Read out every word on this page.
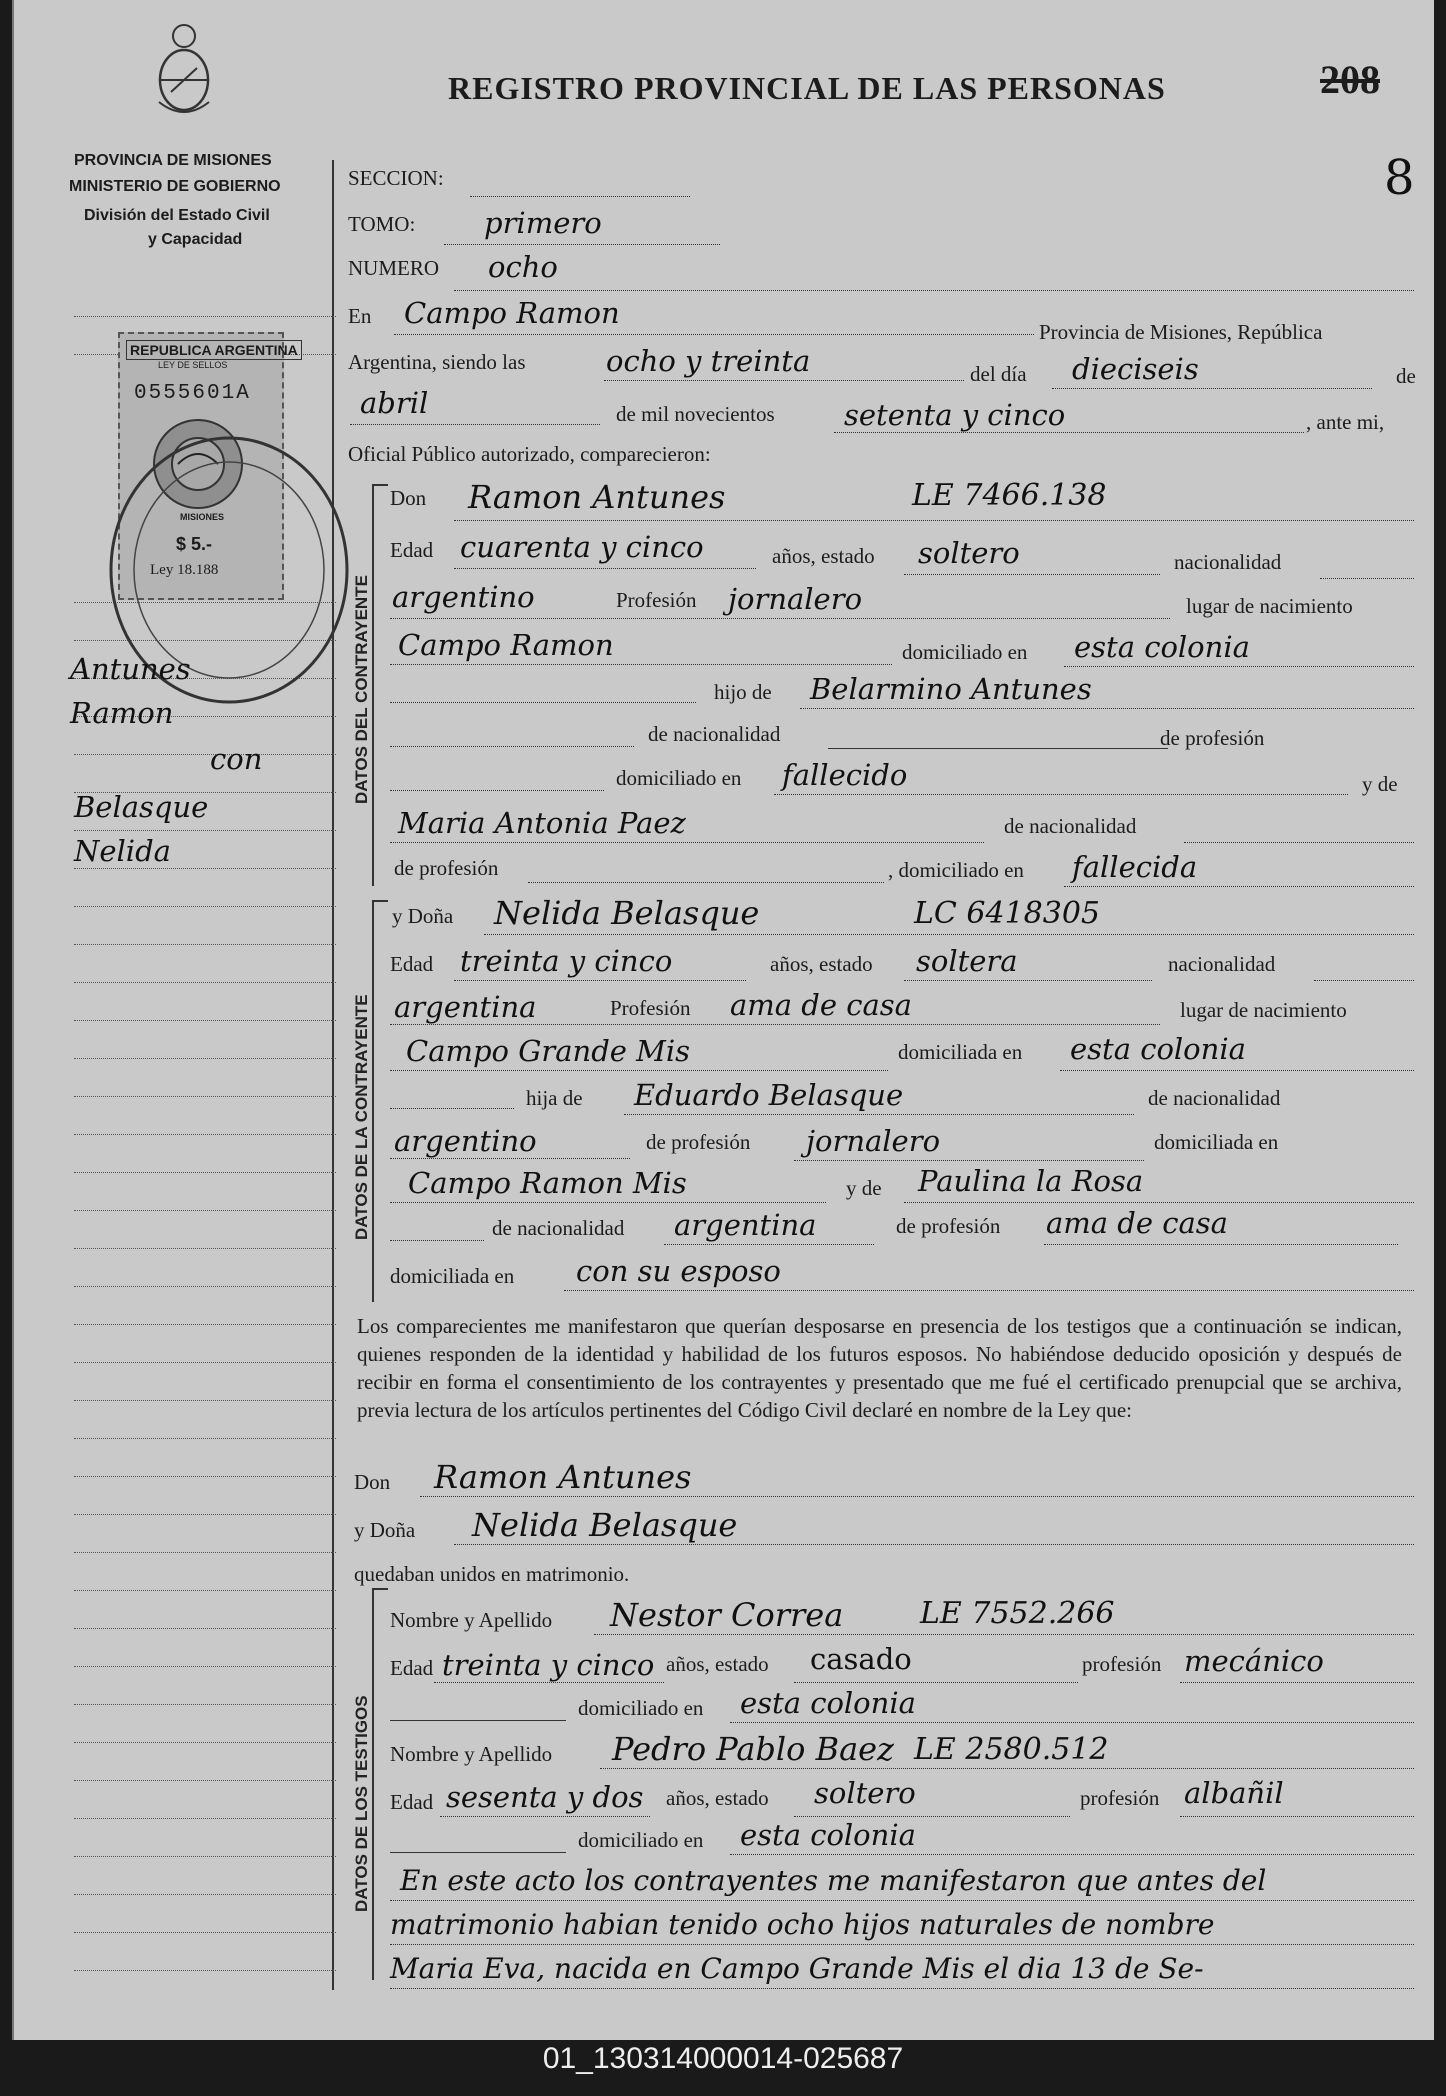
PROVINCIA DE MISIONES
MINISTERIO DE GOBIERNO
División del Estado Civil
y Capacidad
REGISTRO PROVINCIAL DE LAS PERSONAS	208
8
REPUBLICA ARGENTINA
LEY DE SELLOS
0555601A
MISIONES
$ 5.-
Ley 18.188
Antunes
Ramon
con
Belasque
Nelida
SECCION:
TOMO: primero
NUMERO ocho
En Campo Ramon
Provincia de Misiones, República
Argentina, siendo las	ocho y treinta	del día dieciseis	de
abril	de mil novecientos setenta y cinco	, ante mi,
Oficial Público autorizado, comparecieron:
DATOS DEL CONTRAYENTE
DATOS DE LA CONTRAYENTE
DATOS DE LOS TESTIGOS
Don Ramon Antunes	LE 7466.138
Edad cuarenta y cinco	años, estado soltero	nacionalidad
argentino	Profesión jornalero	lugar de nacimiento
Campo Ramon	domiciliado en esta colonia
hijo de Belarmino Antunes
de nacionalidad	de profesión
domiciliado en fallecido	y de
Maria Antonia Paez	de nacionalidad
de profesión	, domiciliado en fallecida
y Doña Nelida Belasque	LC 6418305
Edad treinta y cinco	años, estado soltera	nacionalidad
argentina	Profesión ama de casa	lugar de nacimiento
Campo Grande Mis	domiciliada en esta colonia
hija de Eduardo Belasque	de nacionalidad
argentino	de profesión jornalero	domiciliada en
Campo Ramon Mis	y de Paulina la Rosa
de nacionalidad argentina	de profesión ama de casa
domiciliada en con su esposo
Los comparecientes me manifestaron que querían desposarse en presencia de los testigos que a continuación se indican, quienes responden de la identidad y habilidad de los futuros esposos. No habiéndose deducido oposición y después de recibir en forma el consentimiento de los contrayentes y presentado que me fué el certificado prenupcial que se archiva, previa lectura de los artículos pertinentes del Código Civil declaré en nombre de la Ley que:
Don Ramon Antunes
y Doña Nelida Belasque
quedaban unidos en matrimonio.
Nombre y Apellido Nestor Correa	LE 7552.266
Edad treinta y cinco años, estado casado	profesión mecánico
domiciliado en esta colonia
Nombre y Apellido Pedro Pablo Baez LE 2580.512
Edad sesenta y dos años, estado soltero	profesión albañil
domiciliado en esta colonia
En este acto los contrayentes me manifestaron que antes del
matrimonio habian tenido ocho hijos naturales de nombre
Maria Eva, nacida en Campo Grande Mis el dia 13 de Se-
01_130314000014-025687
